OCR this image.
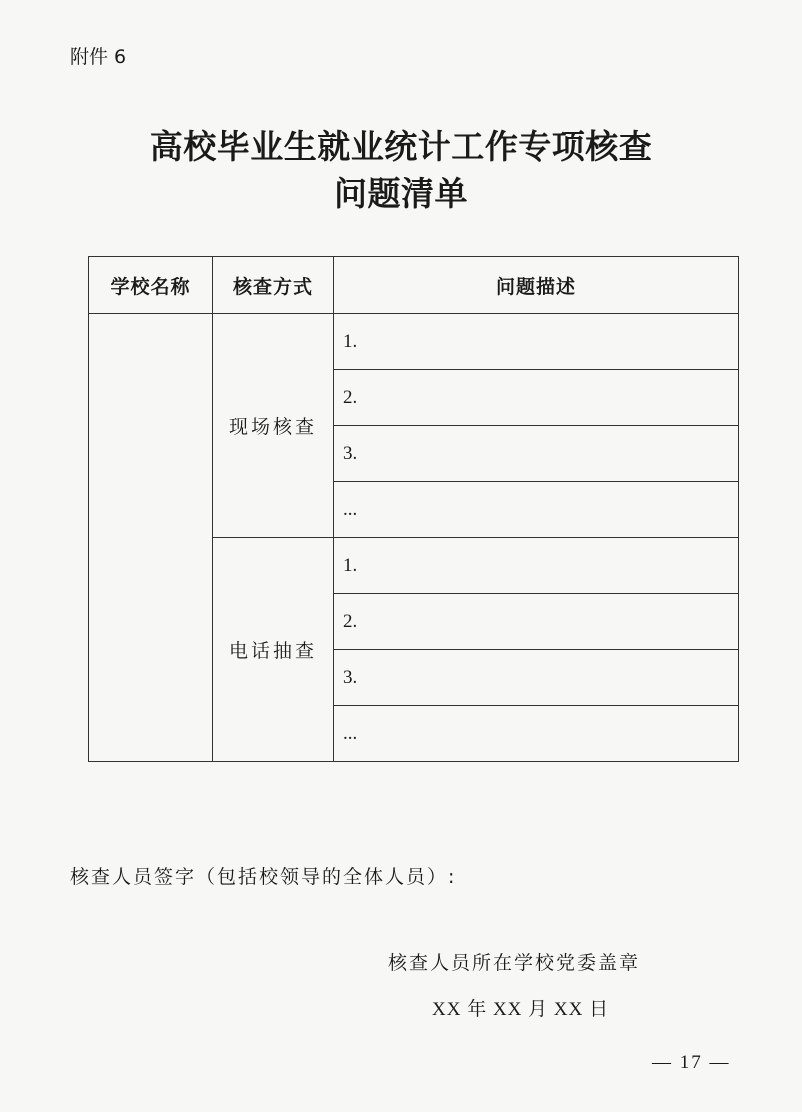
附件 6
高校毕业生就业统计工作专项核查
问题清单
学校名称	核查方式	问题描述
	现场核查	1.
		2.
		3.
		...
	电话抽查	1.
		2.
		3.
		...
核查人员签字（包括校领导的全体人员）:
核查人员所在学校党委盖章
XX 年 XX 月 XX 日
— 17 —
